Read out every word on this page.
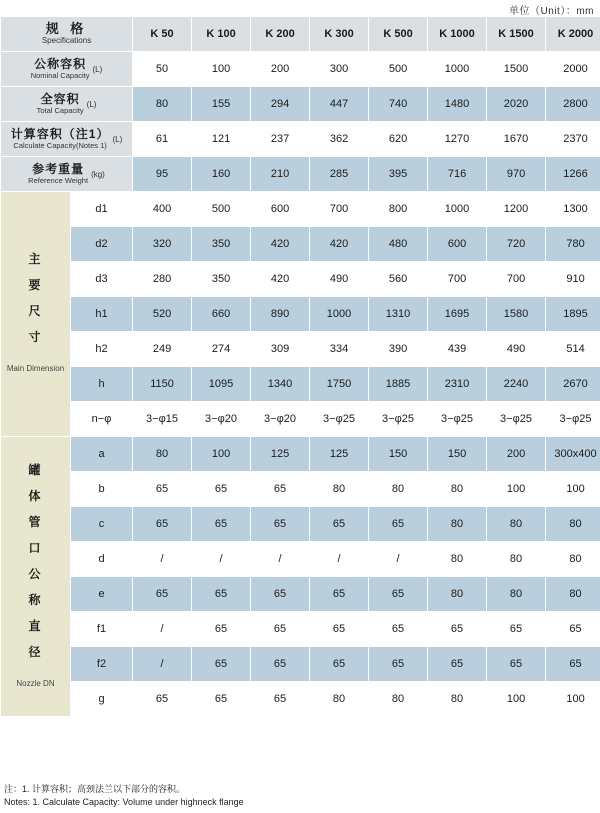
单位（Unit）：mm
规 格
Specifications		K 50	K 100	K 200	K 300	K 500	K 1000	K 1500	K 2000

公称容积
Nominal Capacity
(L)		50	100	200	300	500	1000	1500	2000

全容积
Total Capacity
(L)		80	155	294	447	740	1480	2020	2800

计算容积（注1）
Calculate Capacity(Notes 1)
(L)		61	121	237	362	620	1270	1670	2370

参考重量
Reference Weight
(kg)		95	160	210	285	395	716	970	1266

主
要
尺
寸
Main Dimension	d1	400	500	600	700	800	1000	1200	1300
	d2	320	350	420	420	480	600	720	780
	d3	280	350	420	490	560	700	700	910
	h1	520	660	890	1000	1310	1695	1580	1895
	h2	249	274	309	334	390	439	490	514
	h	1150	1095	1340	1750	1885	2310	2240	2670
	n−φ	3−φ15	3−φ20	3−φ20	3−φ25	3−φ25	3−φ25	3−φ25	3−φ25

罐
体
管
口
公
称
直
径
Nozzle DN
	a	80	100	125	125	150	150	200	300x400
	b	65	65	65	80	80	80	100	100
	c	65	65	65	65	65	80	80	80
	d	/	/	/	/	/	80	80	80
	e	65	65	65	65	65	80	80	80
	f1	/	65	65	65	65	65	65	65
	f2	/	65	65	65	65	65	65	65
	g	65	65	65	80	80	80	100	100
注：1. 计算容积；高颈法兰以下部分的容积。
Notes: 1. Calculate Capacity: Volume under highneck flange
